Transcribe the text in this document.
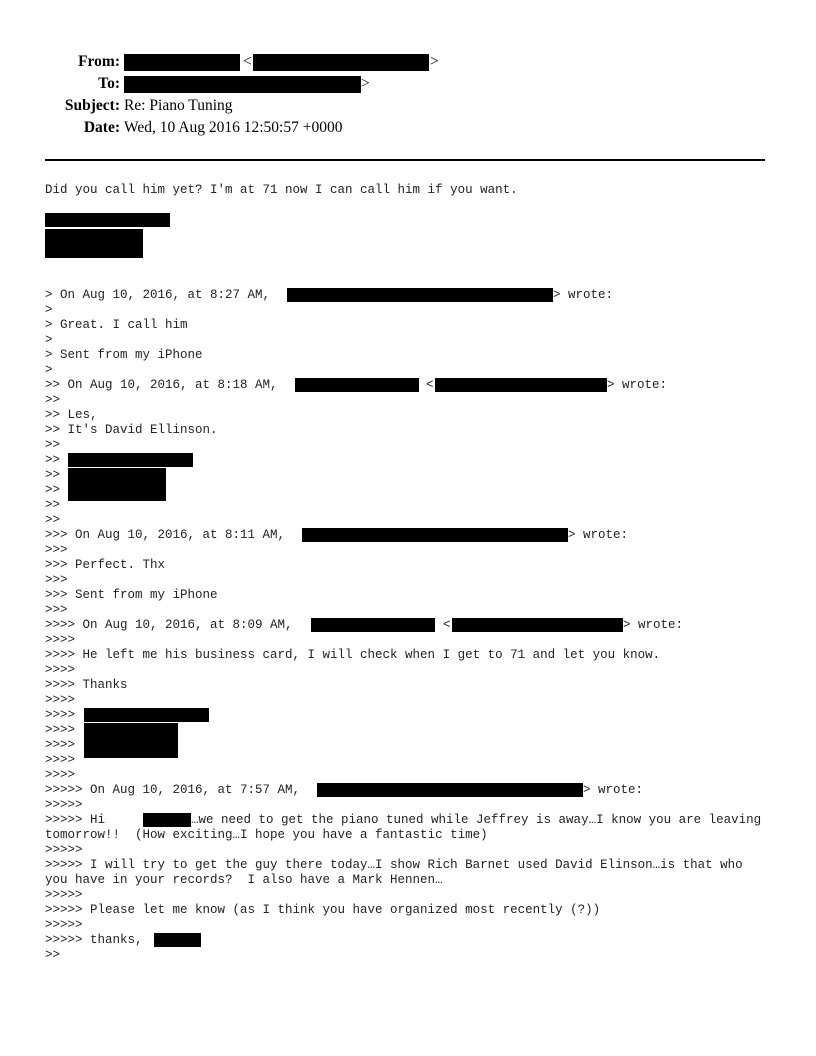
From:	<	>
To:	>
Subject: Re: Piano Tuning
Date: Wed, 10 Aug 2016 12:50:57 +0000
Did you call him yet? I'm at 71 now I can call him if you want.
> On Aug 10, 2016, at 8:27 AM,	> wrote:
>
> Great. I call him
>
> Sent from my iPhone
>
>> On Aug 10, 2016, at 8:18 AM,	<	> wrote:
>>
>> Les,
>> It's David Ellinson.
>>
>>
>>
>>
>>
>>
>>> On Aug 10, 2016, at 8:11 AM,	> wrote:
>>>
>>> Perfect. Thx
>>>
>>> Sent from my iPhone
>>>
>>>> On Aug 10, 2016, at 8:09 AM,	<	> wrote:
>>>>
>>>> He left me his business card, I will check when I get to 71 and let you know.
>>>>
>>>> Thanks
>>>>
>>>>
>>>>
>>>>
>>>>
>>>>
>>>>> On Aug 10, 2016, at 7:57 AM,	> wrote:
>>>>>
>>>>> Hi	…we need to get the piano tuned while Jeffrey is away…I know you are leaving
tomorrow!!  (How exciting…I hope you have a fantastic time)
>>>>>
>>>>> I will try to get the guy there today…I show Rich Barnet used David Elinson…is that who
you have in your records?  I also have a Mark Hennen…
>>>>>
>>>>> Please let me know (as I think you have organized most recently (?))
>>>>>
>>>>> thanks,
>>
